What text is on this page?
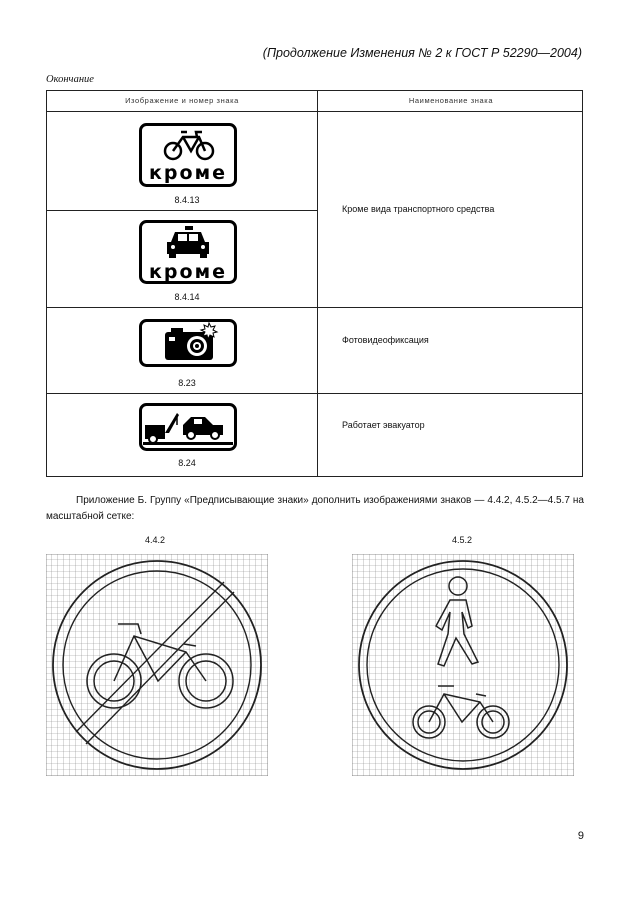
(Продолжение Изменения № 2 к ГОСТ Р 52290—2004)
Окончание
Изображение и номер знака	Наименование знака
кроме
8.4.13
Кроме вида транспортного средства
кроме
8.4.14
8.23
Фотовидеофиксация
8.24
Работает эвакуатор
Приложение Б. Группу «Предписывающие знаки» дополнить изображениями знаков — 4.4.2, 4.5.2—4.5.7 на масштабной сетке:
4.4.2	4.5.2
9
